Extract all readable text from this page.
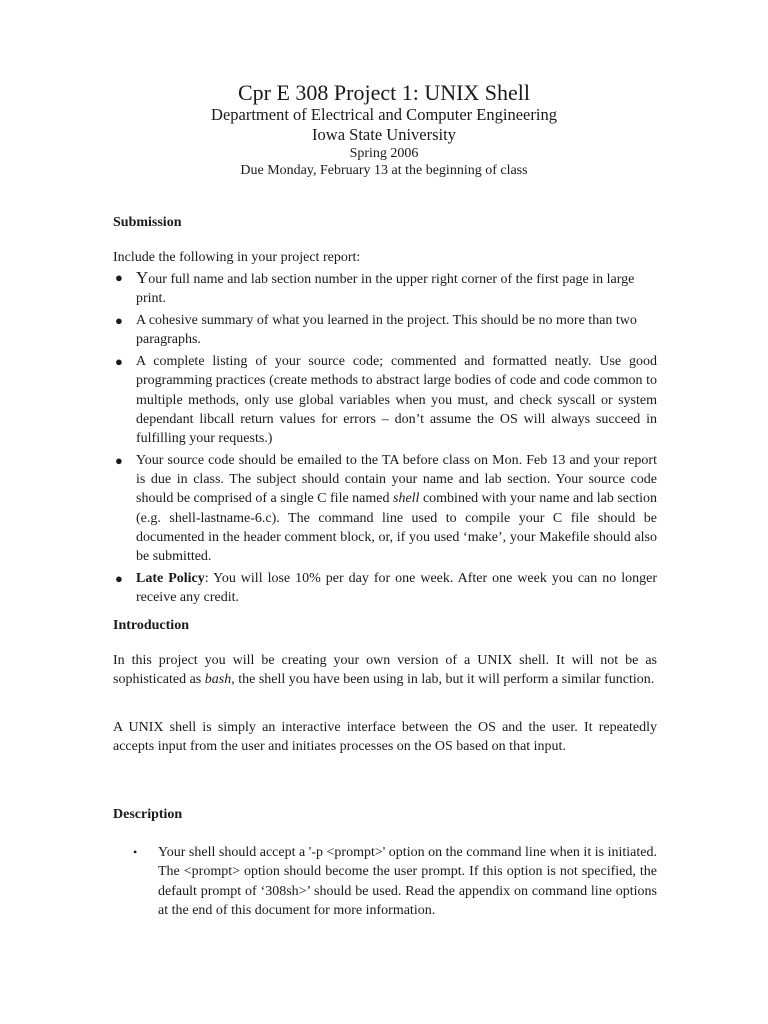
Cpr E 308 Project 1: UNIX Shell

Department of Electrical and Computer Engineering

Iowa State University

Spring 2006

Due Monday, February 13 at the beginning of class

Submission

Include the following in your project report:

● Your full name and lab section number in the upper right corner of the first page in large print.
● A cohesive summary of what you learned in the project. This should be no more than two paragraphs.
● A complete listing of your source code; commented and formatted neatly. Use good programming practices (create methods to abstract large bodies of code and code common to multiple methods, only use global variables when you must, and check syscall or system dependant libcall return values for errors – don’t assume the OS will always succeed in fulfilling your requests.)
● Your source code should be emailed to the TA before class on Mon. Feb 13 and your report is due in class. The subject should contain your name and lab section. Your source code should be comprised of a single C file named shell combined with your name and lab section (e.g. shell-lastname-6.c). The command line used to compile your C file should be documented in the header comment block, or, if you used ‘make’, your Makefile should also be submitted.
● Late Policy: You will lose 10% per day for one week. After one week you can no longer receive any credit.

Introduction

In this project you will be creating your own version of a UNIX shell. It will not be as sophisticated as bash, the shell you have been using in lab, but it will perform a similar function.

A UNIX shell is simply an interactive interface between the OS and the user. It repeatedly accepts input from the user and initiates processes on the OS based on that input.

Description

• Your shell should accept a '-p <prompt>' option on the command line when it is initiated. The <prompt> option should become the user prompt. If this option is not specified, the default prompt of ‘308sh>’ should be used. Read the appendix on command line options at the end of this document for more information.
